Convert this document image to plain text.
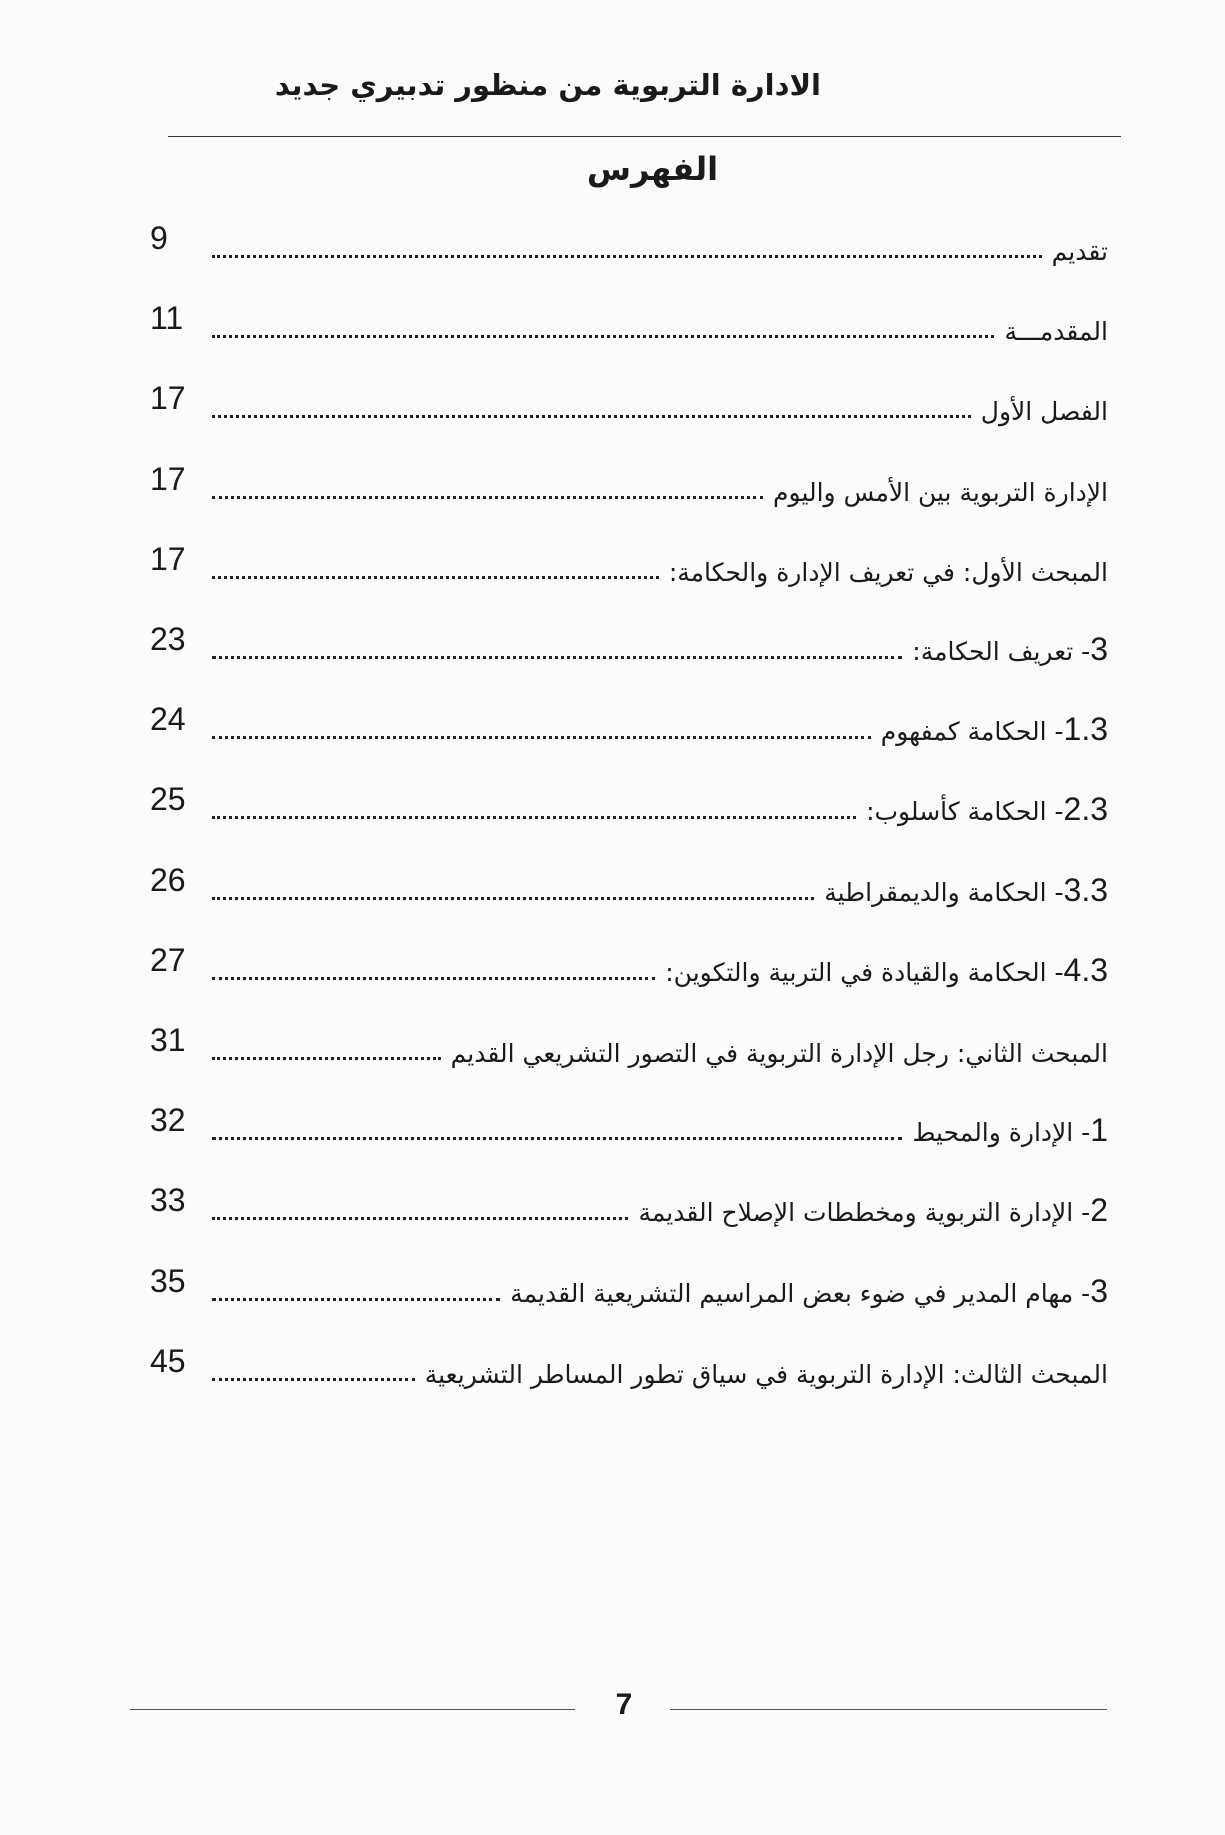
الادارة التربوية من منظور تدبيري جديد
الفهرس
تقديم
9
المقدمـــة
11
الفصل الأول
17
الإدارة التربوية بين الأمس واليوم
17
المبحث الأول: في تعريف الإدارة والحكامة:
17
3- تعريف الحكامة:
23
1.3- الحكامة كمفهوم
24
2.3- الحكامة كأسلوب:
25
3.3- الحكامة والديمقراطية
26
4.3- الحكامة والقيادة في التربية والتكوين:
27
المبحث الثاني: رجل الإدارة التربوية في التصور التشريعي القديم
31
1- الإدارة والمحيط
32
2- الإدارة التربوية ومخططات الإصلاح القديمة
33
3- مهام المدير في ضوء بعض المراسيم التشريعية القديمة
35
المبحث الثالث: الإدارة التربوية في سياق تطور المساطر التشريعية
45
7
